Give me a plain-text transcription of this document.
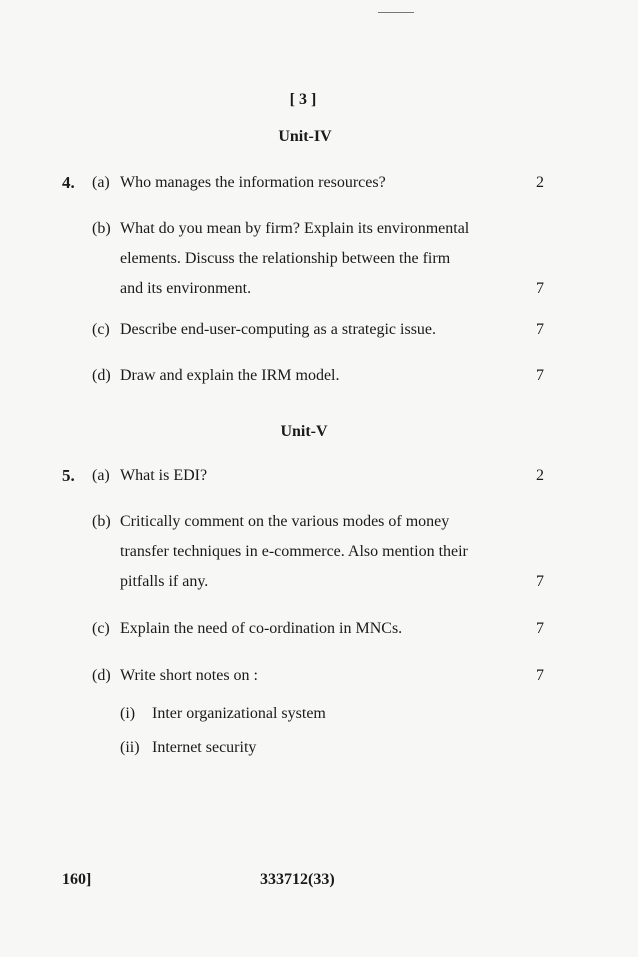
[ 3 ]
Unit-IV
4. (a) Who manages the information resources?	2
(b) What do you mean by firm? Explain its environmental
elements. Discuss the relationship between the firm
and its environment.	7
(c) Describe end-user-computing as a strategic issue.	7
(d) Draw and explain the IRM model.	7
Unit-V
5. (a) What is EDI?	2
(b) Critically comment on the various modes of money
transfer techniques in e-commerce. Also mention their
pitfalls if any.	7
(c) Explain the need of co-ordination in MNCs.	7
(d) Write short notes on :	7
(i) Inter organizational system
(ii) Internet security
160]	333712(33)
